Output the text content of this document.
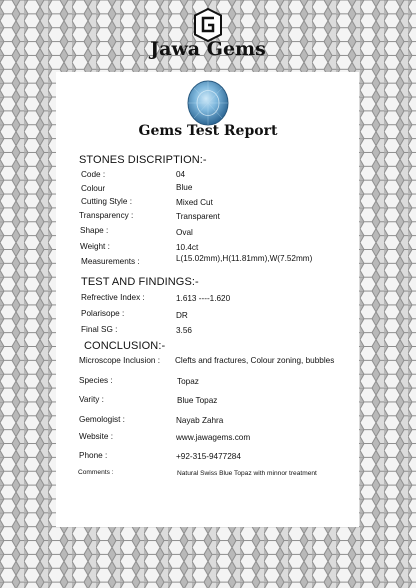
Jawa Gems
Gems Test Report
STONES DISCRIPTION:-
Code :	04
Colour	Blue
Cutting Style :	Mixed Cut
Transparency :	Transparent
Shape :	Oval
Weight :	10.4ct
Measurements :	L(15.02mm),H(11.81mm),W(7.52mm)
TEST AND FINDINGS:-
Refrective Index :	1.613 ----1.620
Polarisope :	DR
Final SG :	3.56
CONCLUSION:-
Microscope Inclusion : Clefts and fractures, Colour zoning, bubbles
Species :	Topaz
Varity :	Blue Topaz
Gemologist :	Nayab Zahra
Website :	www.jawagems.com
Phone :	+92-315-9477284
Comments :	Natural Swiss Blue Topaz with minnor treatment
